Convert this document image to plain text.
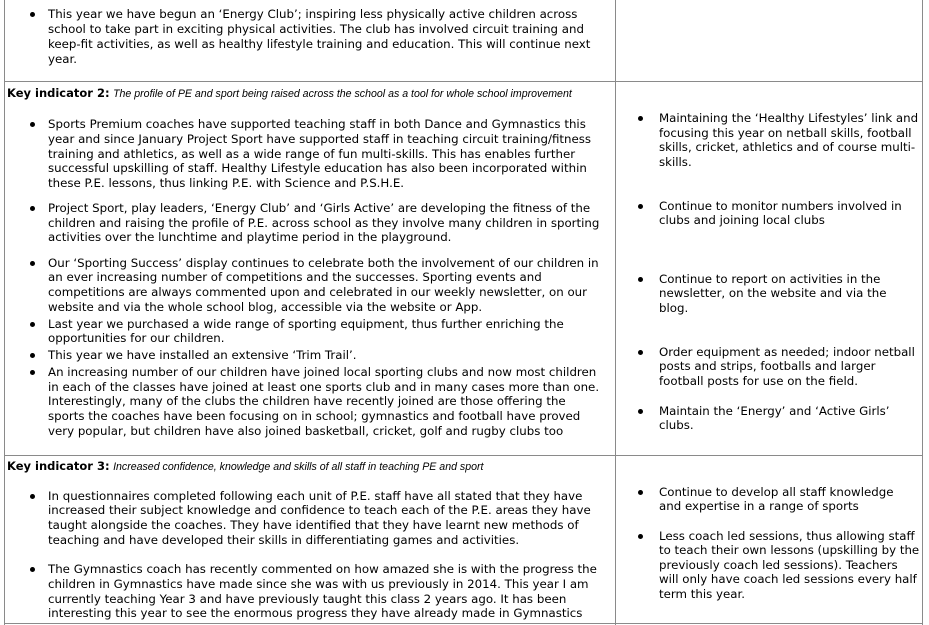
This year we have begun an ‘Energy Club’; inspiring less physically active children across
school to take part in exciting physical activities. The club has involved circuit training and
keep-fit activities, as well as healthy lifestyle training and education. This will continue next
year.
Key indicator 2: The profile of PE and sport being raised across the school as a tool for whole school improvement
Sports Premium coaches have supported teaching staff in both Dance and Gymnastics this
year and since January Project Sport have supported staff in teaching circuit training/fitness
training and athletics, as well as a wide range of fun multi-skills. This has enables further
successful upskilling of staff. Healthy Lifestyle education has also been incorporated within
these P.E. lessons, thus linking P.E. with Science and P.S.H.E.
Project Sport, play leaders, ‘Energy Club’ and ‘Girls Active’ are developing the fitness of the
children and raising the profile of P.E. across school as they involve many children in sporting
activities over the lunchtime and playtime period in the playground.
Our ‘Sporting Success’ display continues to celebrate both the involvement of our children in
an ever increasing number of competitions and the successes. Sporting events and
competitions are always commented upon and celebrated in our weekly newsletter, on our
website and via the whole school blog, accessible via the website or App.
Last year we purchased a wide range of sporting equipment, thus further enriching the
opportunities for our children.
This year we have installed an extensive ‘Trim Trail’.
An increasing number of our children have joined local sporting clubs and now most children
in each of the classes have joined at least one sports club and in many cases more than one.
Interestingly, many of the clubs the children have recently joined are those offering the
sports the coaches have been focusing on in school; gymnastics and football have proved
very popular, but children have also joined basketball, cricket, golf and rugby clubs too
Maintaining the ‘Healthy Lifestyles’ link and
focusing this year on netball skills, football
skills, cricket, athletics and of course multi-
skills.
Continue to monitor numbers involved in
clubs and joining local clubs
Continue to report on activities in the
newsletter, on the website and via the
blog.
Order equipment as needed; indoor netball
posts and strips, footballs and larger
football posts for use on the field.
Maintain the ‘Energy’ and ‘Active Girls’
clubs.
Key indicator 3: Increased confidence, knowledge and skills of all staff in teaching PE and sport
In questionnaires completed following each unit of P.E. staff have all stated that they have
increased their subject knowledge and confidence to teach each of the P.E. areas they have
taught alongside the coaches. They have identified that they have learnt new methods of
teaching and have developed their skills in differentiating games and activities.
The Gymnastics coach has recently commented on how amazed she is with the progress the
children in Gymnastics have made since she was with us previously in 2014. This year I am
currently teaching Year 3 and have previously taught this class 2 years ago. It has been
interesting this year to see the enormous progress they have already made in Gymnastics
Continue to develop all staff knowledge
and expertise in a range of sports
Less coach led sessions, thus allowing staff
to teach their own lessons (upskilling by the
previously coach led sessions). Teachers
will only have coach led sessions every half
term this year.
